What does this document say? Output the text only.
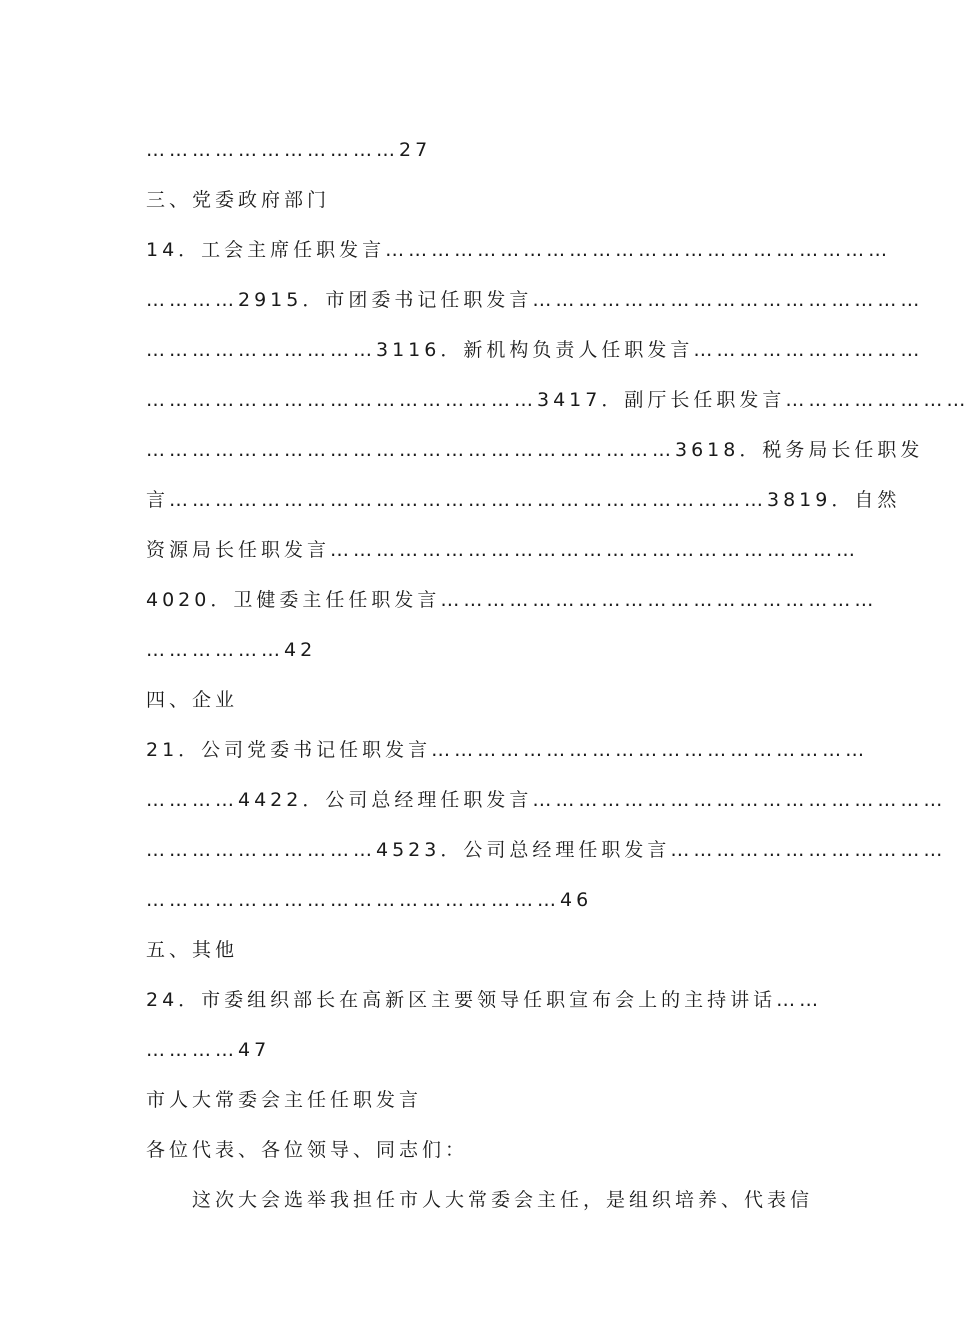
……………………………27
三、党委政府部门
14．工会主席任职发言…………………………………………………………
…………2915．市团委书记任职发言……………………………………………
…………………………3116．新机构负责人任职发言…………………………
……………………………………………3417．副厅长任职发言……………………
……………………………………………………………3618．税务局长任职发
言……………………………………………………………………3819．自然
资源局长任职发言……………………………………………………………
4020．卫健委主任任职发言…………………………………………………
………………42
四、企业
21．公司党委书记任职发言…………………………………………………
…………4422．公司总经理任职发言………………………………………………
…………………………4523．公司总经理任职发言………………………………
………………………………………………46
五、其他
24．市委组织部长在高新区主要领导任职宣布会上的主持讲话……
…………47
市人大常委会主任任职发言
各位代表、各位领导、同志们：
这次大会选举我担任市人大常委会主任，是组织培养、代表信
